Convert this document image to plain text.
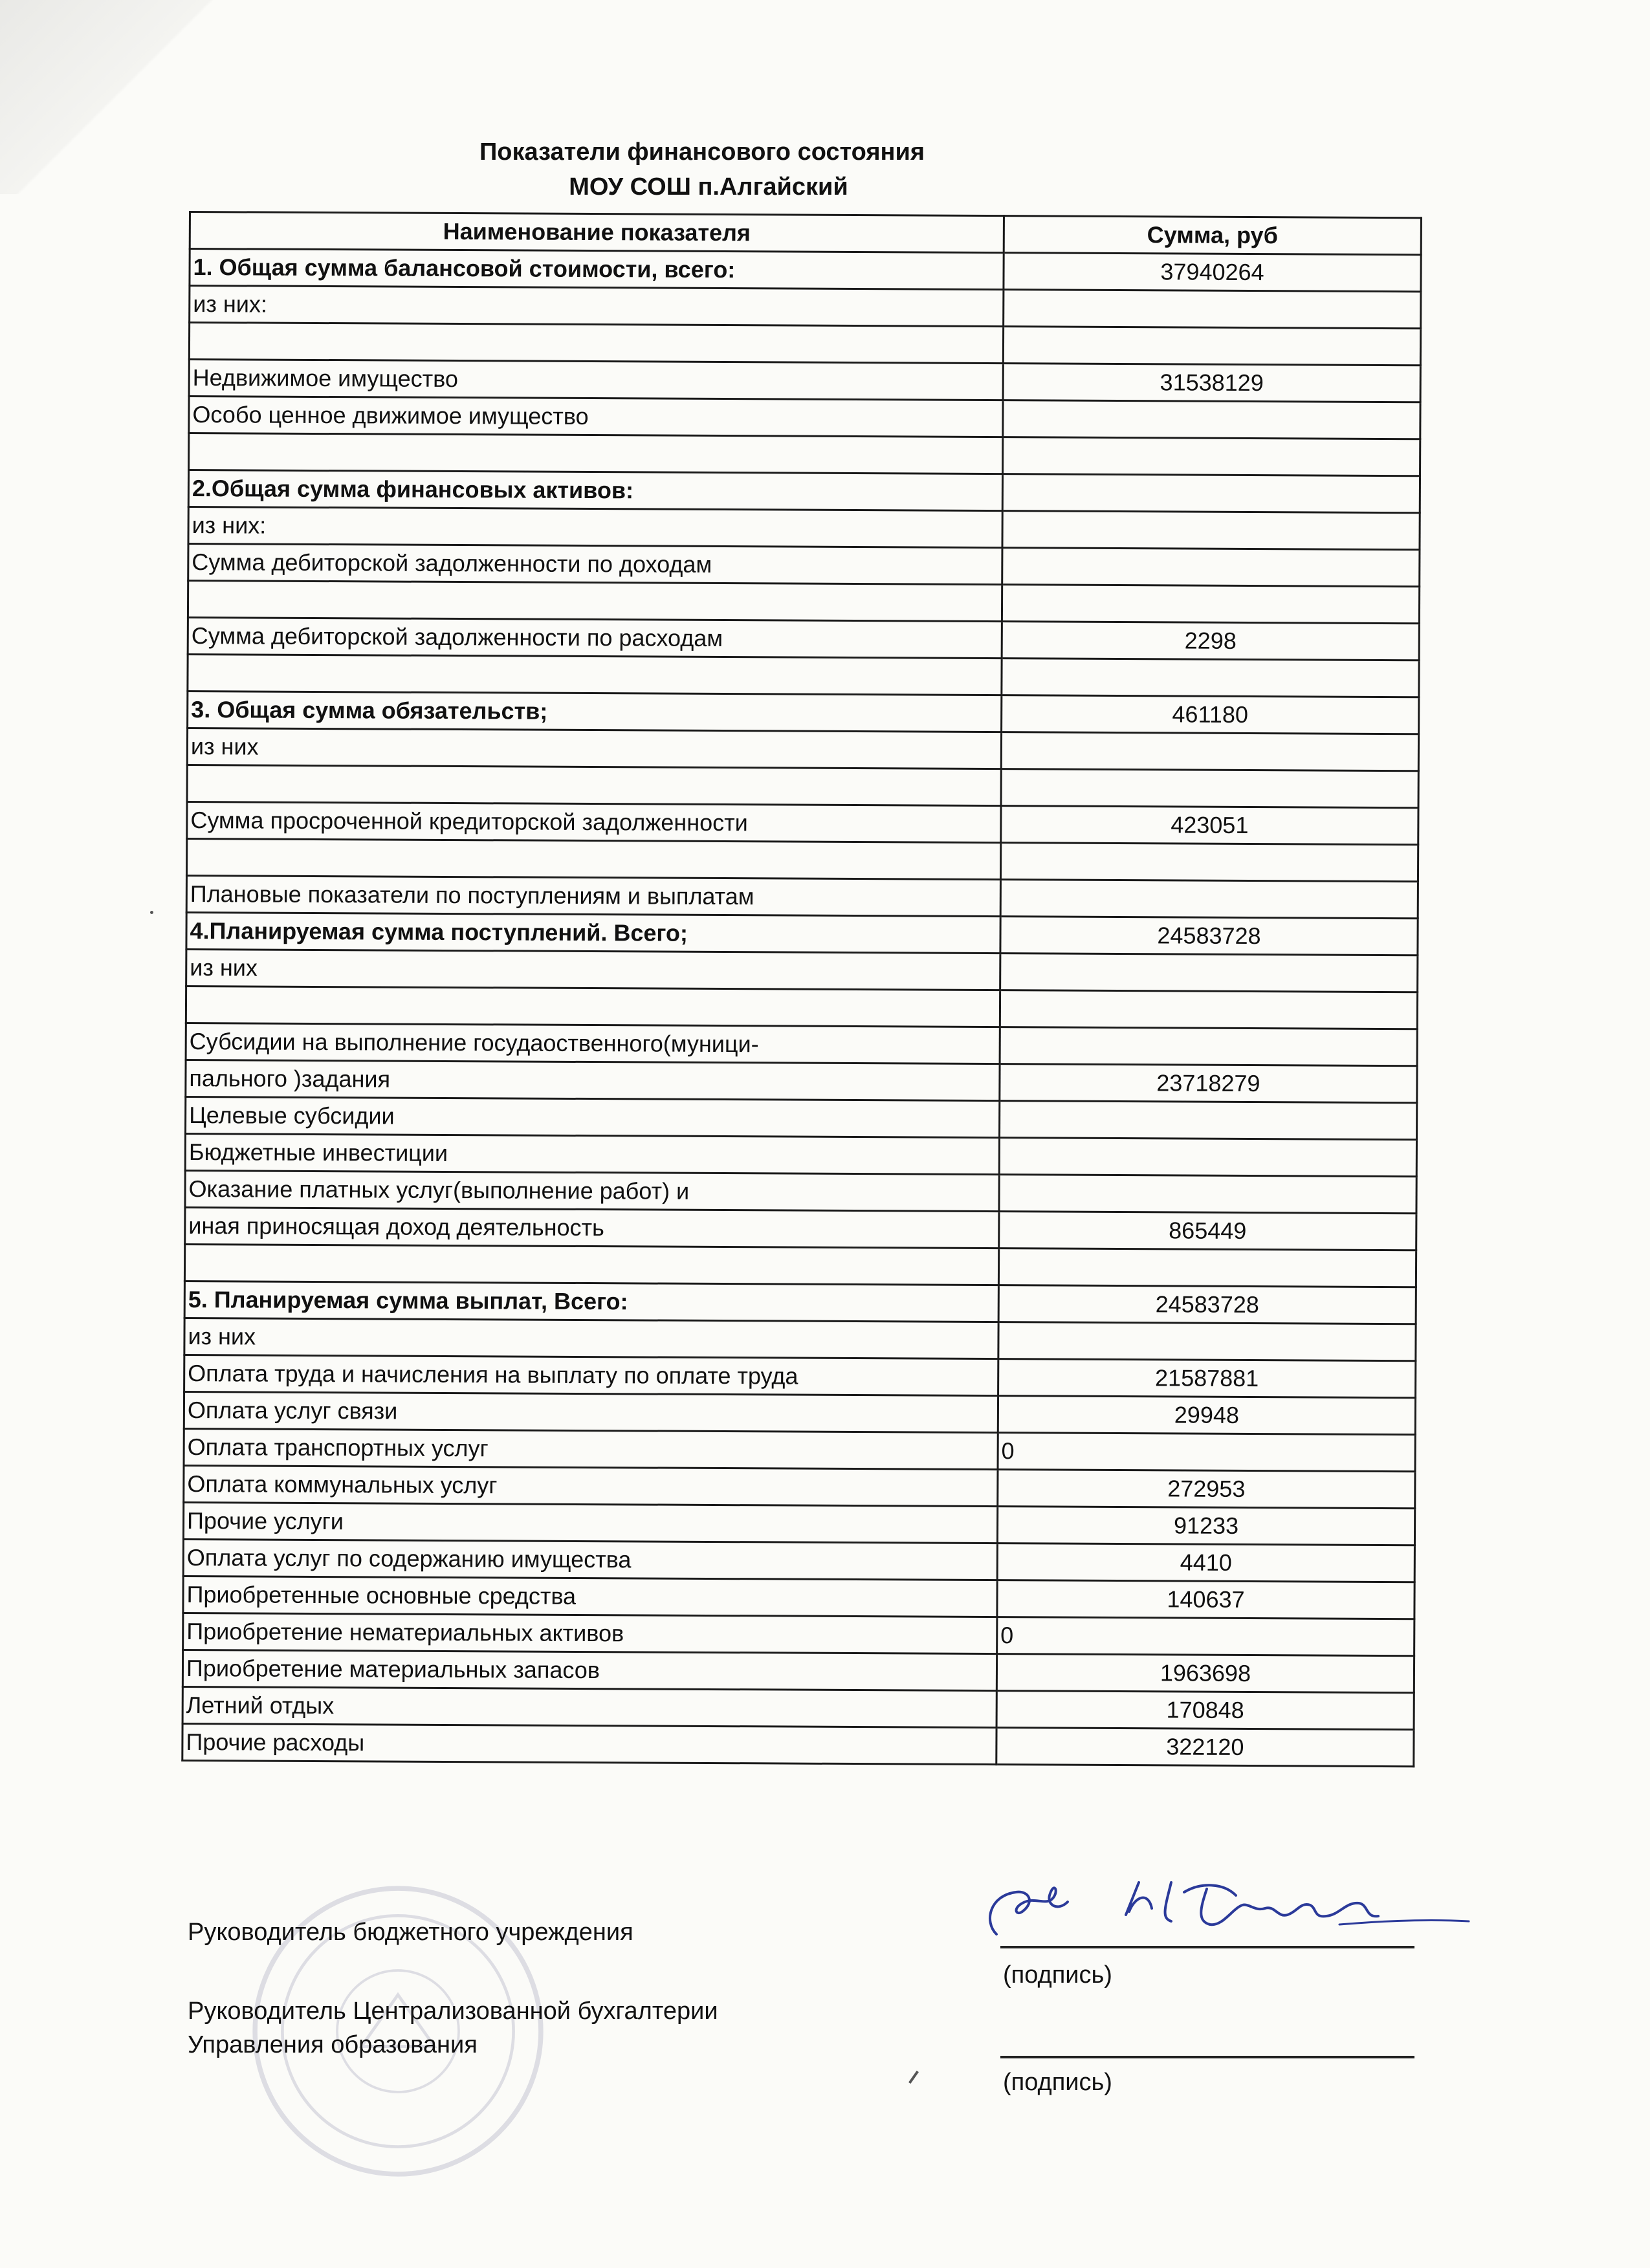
Показатели финансового состояния
МОУ СОШ п.Алгайский
Наименование показателя	Сумма, руб
1. Общая сумма балансовой стоимости, всего:	37940264
из них:	

Недвижимое имущество	31538129
Особо ценное движимое имущество	

2.Общая сумма финансовых активов:	
из них:	
Сумма дебиторской задолженности по доходам	

Сумма дебиторской задолженности по расходам	2298

3. Общая сумма обязательств;	461180
из них	

Сумма просроченной кредиторской задолженности	423051

Плановые показатели по поступлениям и выплатам	
4.Планируемая сумма поступлений. Всего;	24583728
из них	

Субсидии на выполнение госудаоственного(муници-	
пального )задания	23718279
Целевые субсидии	
Бюджетные инвестиции	
Оказание платных услуг(выполнение работ) и	
иная приносящая доход деятельность	865449

5. Планируемая сумма выплат, Всего:	24583728
из них	
Оплата труда и начисления на выплату по оплате труда	21587881
Оплата услуг связи	29948
Оплата транспортных услуг	0
Оплата коммунальных услуг	272953
Прочие услуги	91233
Оплата услуг по содержанию имущества	4410
Приобретенные основные средства	140637
Приобретение нематериальных активов	0
Приобретение материальных запасов	1963698
Летний отдых	170848
Прочие расходы	322120
Руководитель бюджетного учреждения
(подпись)
Руководитель Централизованной бухгалтерии
Управления образования
(подпись)
